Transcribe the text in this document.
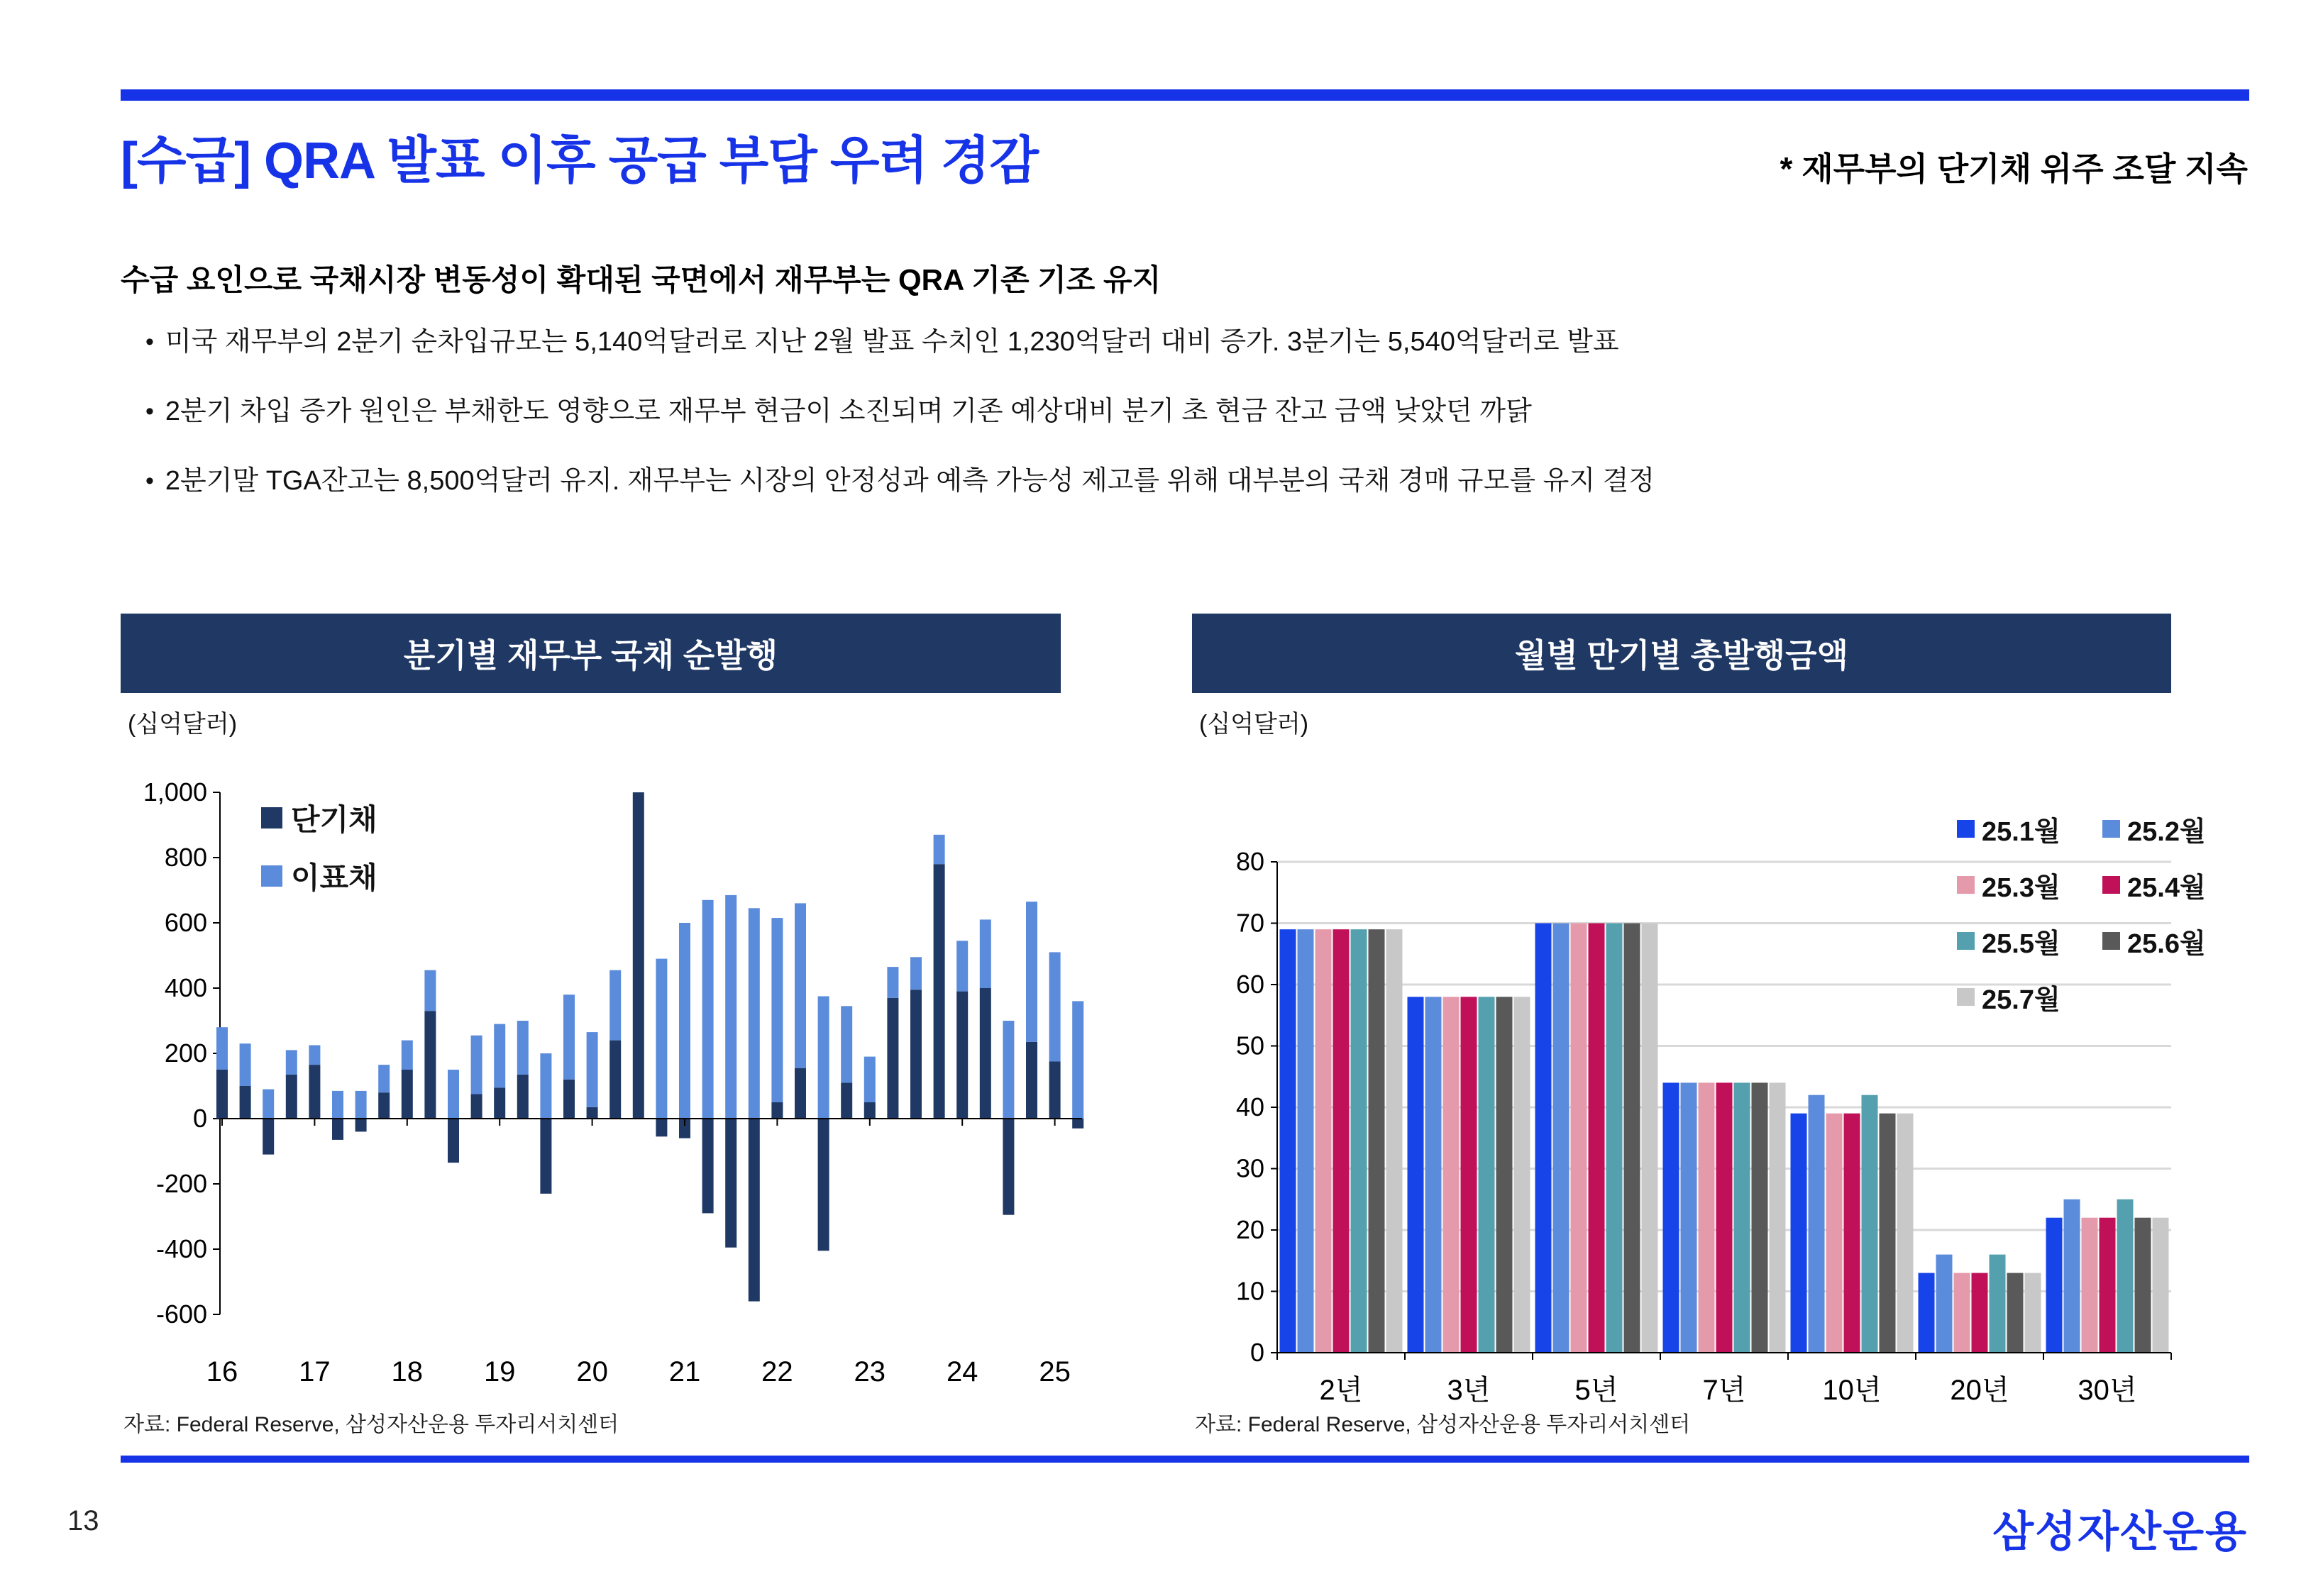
[수급] QRA 발표 이후 공급 부담 우려 경감	* 재무부의 단기채 위주 조달 지속
수급 요인으로 국채시장 변동성이 확대된 국면에서 재무부는 QRA 기존 기조 유지
• 미국 재무부의 2분기 순차입규모는 5,140억달러로 지난 2월 발표 수치인 1,230억달러 대비 증가. 3분기는 5,540억달러로 발표
• 2분기 차입 증가 원인은 부채한도 영향으로 재무부 현금이 소진되며 기존 예상대비 분기 초 현금 잔고 금액 낮았던 까닭
• 2분기말 TGA잔고는 8,500억달러 유지. 재무부는 시장의 안정성과 예측 가능성 제고를 위해 대부분의 국채 경매 규모를 유지 결정
분기별 재무부 국채 순발행
(십억달러)
1,000
800
600
400
200
0
-200
-400
-600
16 17 18 19 20 21 22 23 24 25
단기채
이표채
자료: Federal Reserve, 삼성자산운용 투자리서치센터
월별 만기별 총발행금액
(십억달러)
0
10
20
30
40
50
60
70
80
2년	3년	5년	7년	10년 20년 30년
25.1월 25.2월
25.3월 25.4월
25.5월 25.6월
25.7월
자료: Federal Reserve, 삼성자산운용 투자리서치센터
13	삼성자산운용
